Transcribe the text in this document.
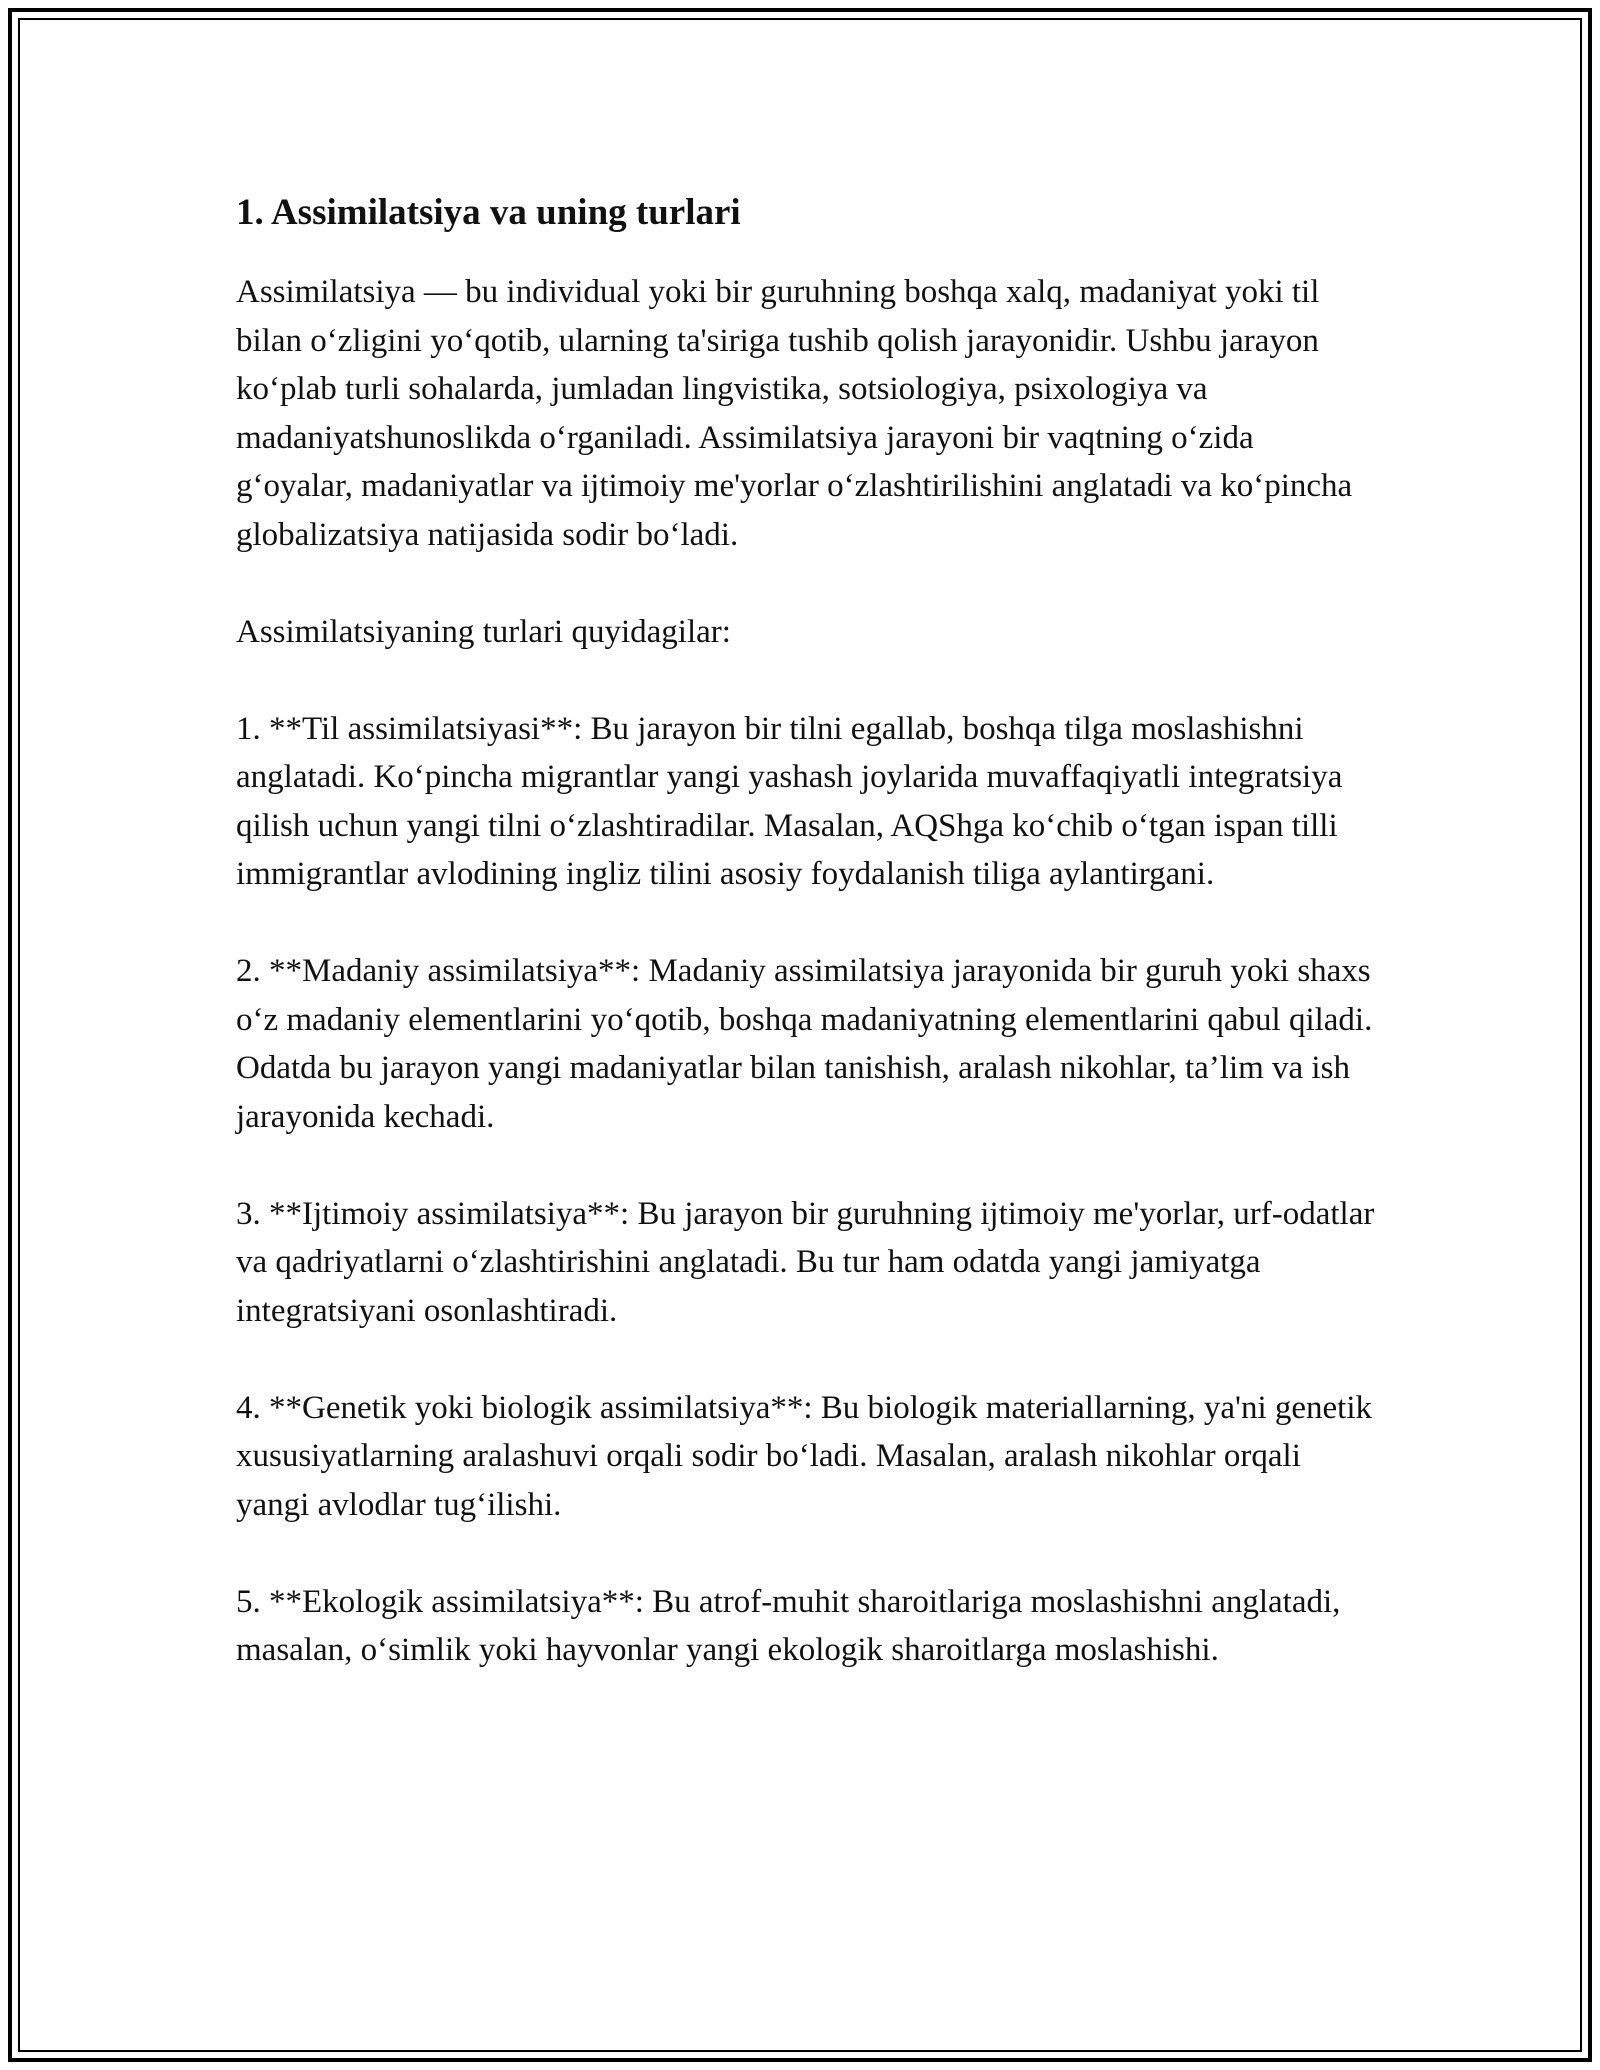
1. Assimilatsiya va uning turlari

Assimilatsiya — bu individual yoki bir guruhning boshqa xalq, madaniyat yoki til bilan o‘zligini yo‘qotib, ularning ta'siriga tushib qolish jarayonidir. Ushbu jarayon ko‘plab turli sohalarda, jumladan lingvistika, sotsiologiya, psixologiya va madaniyatshunoslikda o‘rganiladi. Assimilatsiya jarayoni bir vaqtning o‘zida g‘oyalar, madaniyatlar va ijtimoiy me'yorlar o‘zlashtirilishini anglatadi va ko‘pincha globalizatsiya natijasida sodir bo‘ladi.

Assimilatsiyaning turlari quyidagilar:

1. **Til assimilatsiyasi**: Bu jarayon bir tilni egallab, boshqa tilga moslashishni anglatadi. Ko‘pincha migrantlar yangi yashash joylarida muvaffaqiyatli integratsiya qilish uchun yangi tilni o‘zlashtiradilar. Masalan, AQShga ko‘chib o‘tgan ispan tilli immigrantlar avlodining ingliz tilini asosiy foydalanish tiliga aylantirgani.

2. **Madaniy assimilatsiya**: Madaniy assimilatsiya jarayonida bir guruh yoki shaxs o‘z madaniy elementlarini yo‘qotib, boshqa madaniyatning elementlarini qabul qiladi. Odatda bu jarayon yangi madaniyatlar bilan tanishish, aralash nikohlar, ta’lim va ish jarayonida kechadi.

3. **Ijtimoiy assimilatsiya**: Bu jarayon bir guruhning ijtimoiy me'yorlar, urf-odatlar va qadriyatlarni o‘zlashtirishini anglatadi. Bu tur ham odatda yangi jamiyatga integratsiyani osonlashtiradi.

4. **Genetik yoki biologik assimilatsiya**: Bu biologik materiallarning, ya'ni genetik xususiyatlarning aralashuvi orqali sodir bo‘ladi. Masalan, aralash nikohlar orqali yangi avlodlar tug‘ilishi.

5. **Ekologik assimilatsiya**: Bu atrof-muhit sharoitlariga moslashishni anglatadi, masalan, o‘simlik yoki hayvonlar yangi ekologik sharoitlarga moslashishi.
